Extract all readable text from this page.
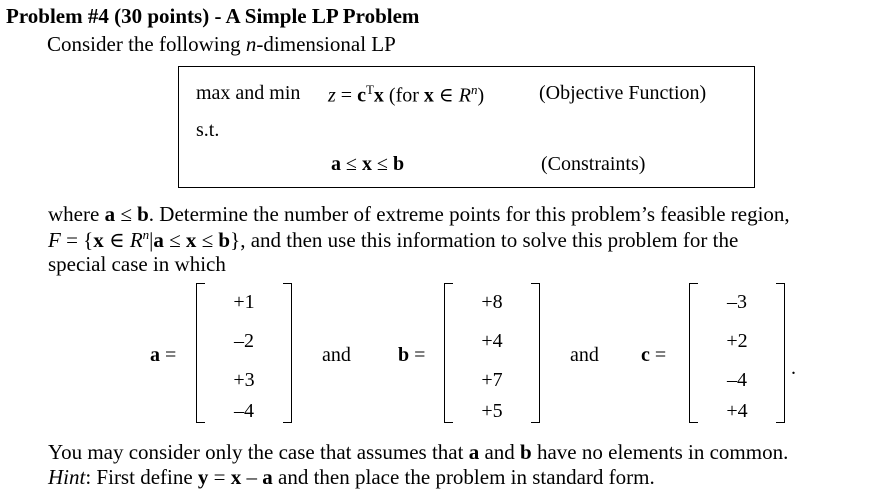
Problem #4 (30 points) - A Simple LP Problem
Consider the following n-dimensional LP
max and $\min z = c^Tx$ (for x ∈ $R^n$)	(Objective Function)
s.t.
a ≤ x ≤ b	(Constraints)
where a ≤ b. Determine the number of extreme points for this problem’s feasible region,
F = {x ∈ $R^n|a \le x \le b$}, and then use this information to solve this problem for the
special case in which
a =
+1
–2
+3
–4
and b =
+8
+4
+7
+5
and c =
–3
+2
–4
+4
.
You may consider only the case that assumes that a and b have no elements in common.
Hint: First define y = x – a and then place the problem in standard form.
